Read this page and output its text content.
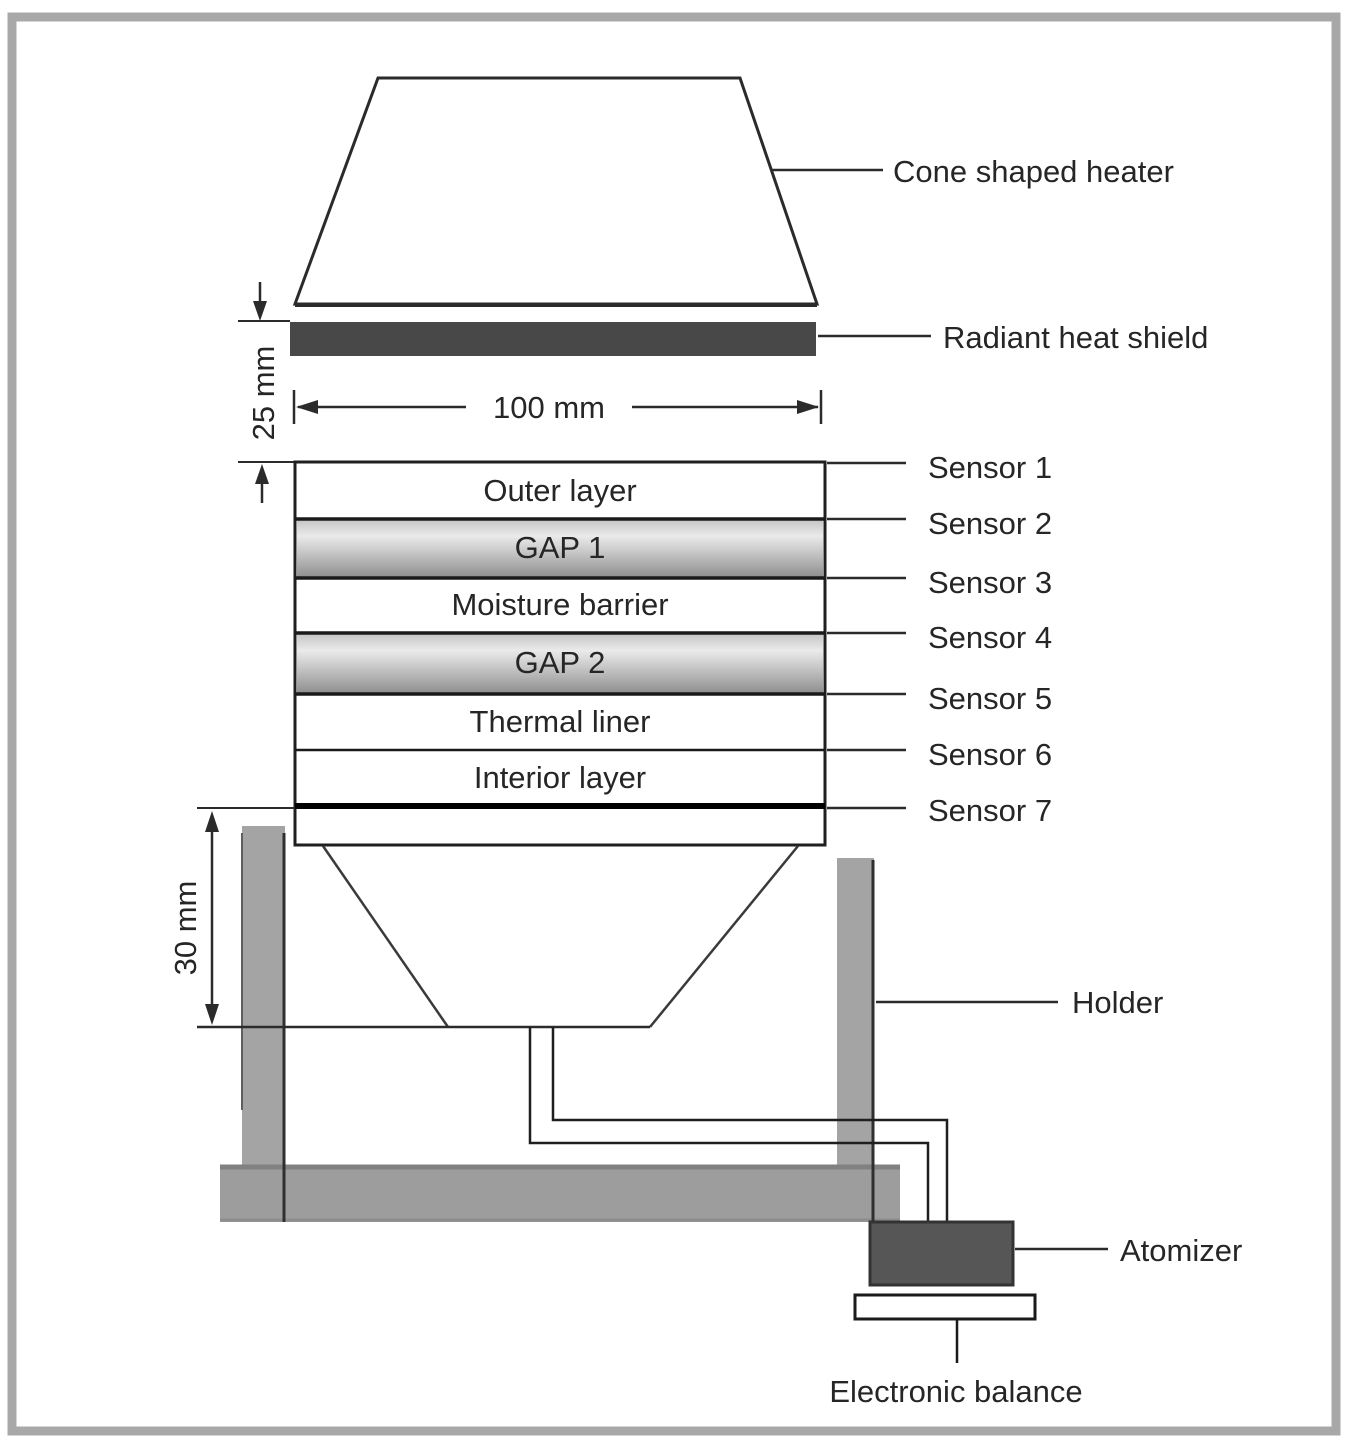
Cone shaped heater
Radiant heat shield
Holder
Atomizer
Electronic balance
100 mm
25 mm
30 mm
Outer layer
GAP 1
Moisture barrier
GAP 2
Thermal liner
Interior layer
Sensor 1
Sensor 2
Sensor 3
Sensor 4
Sensor 5
Sensor 6
Sensor 7
